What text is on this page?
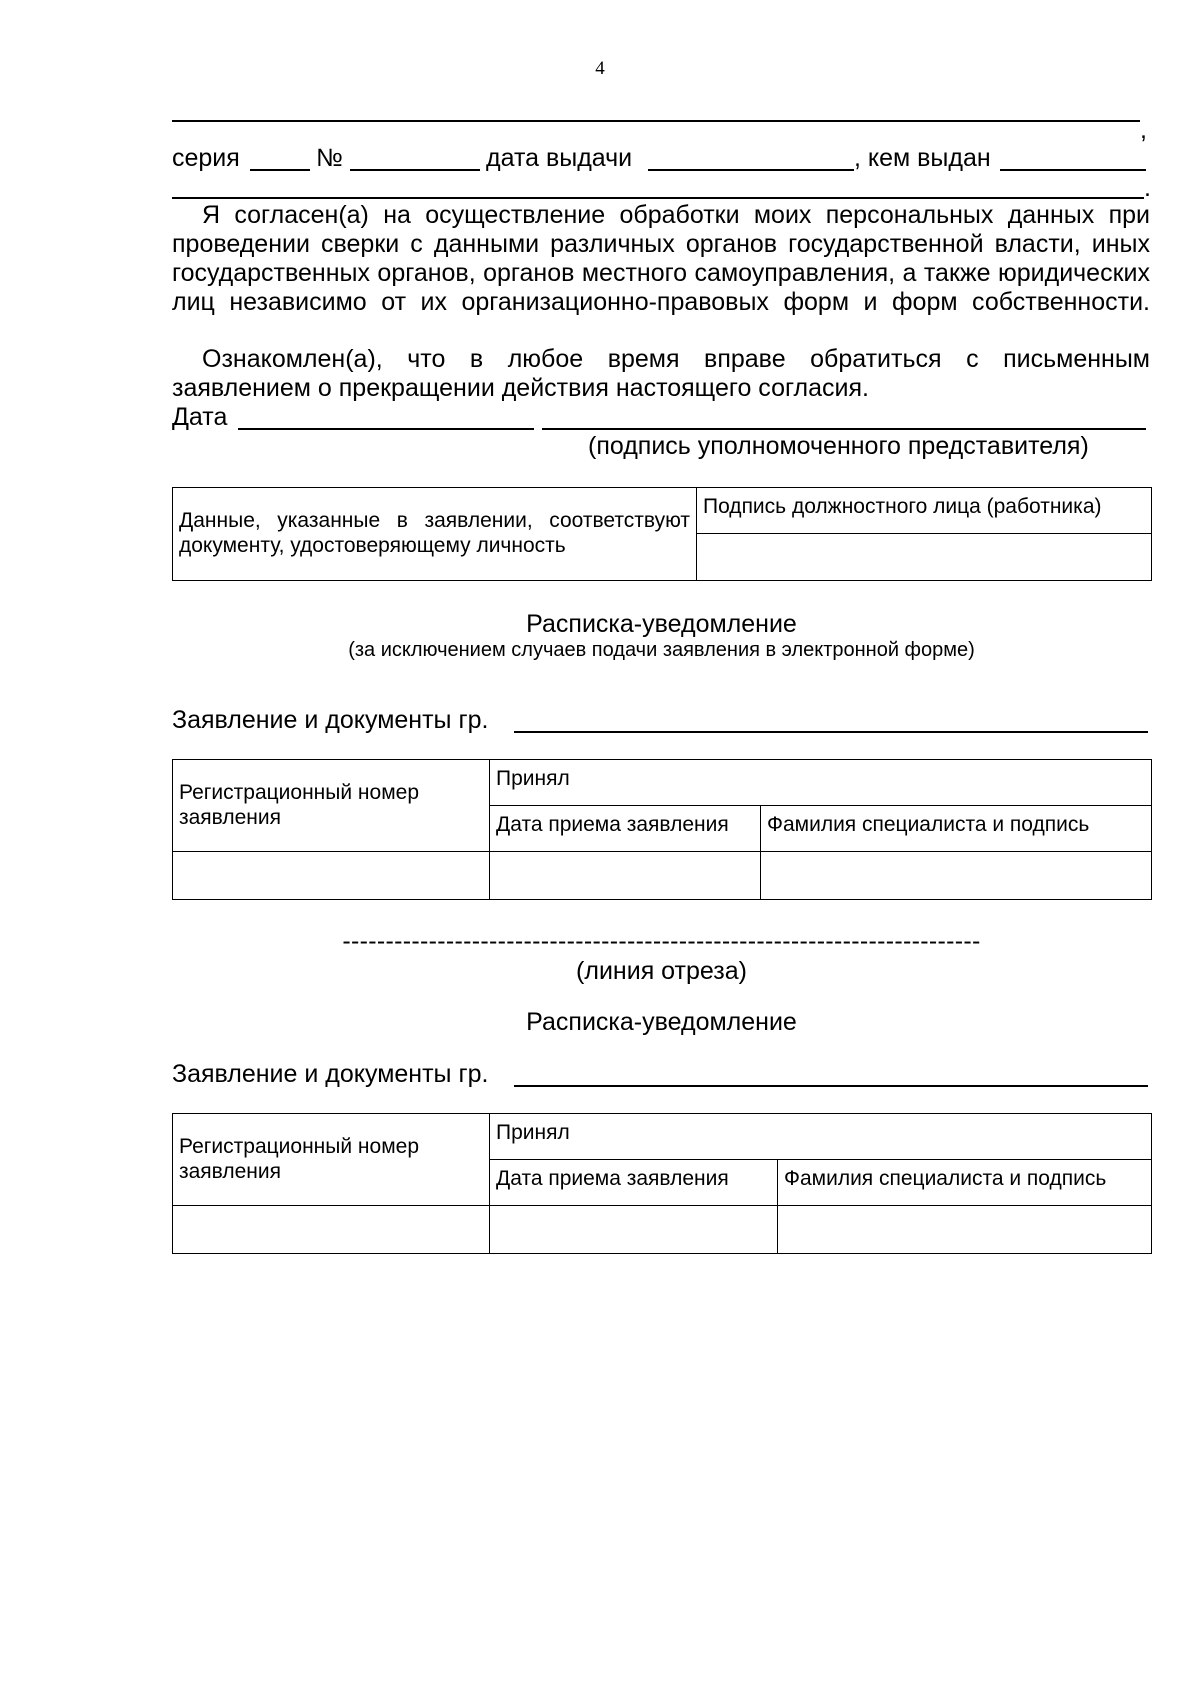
4
,
серия	№	дата выдачи	, кем выдан
.
Я согласен(а) на осуществление обработки моих персональных данных при проведении сверки с данными различных органов государственной власти, иных государственных органов, органов местного самоуправления, а также юридических лиц независимо от их организационно-правовых форм и форм собственности.
Ознакомлен(а), что в любое время вправе обратиться с письменным заявлением о прекращении действия настоящего согласия.
Дата
(подпись уполномоченного представителя)
Данные, указанные в заявлении, соответствуют документу, удостоверяющему личность	Подпись должностного лица (работника)

Расписка-уведомление
(за исключением случаев подачи заявления в электронной форме)
Заявление и документы гр.
Регистрационный номер заявления	Принял	
	Дата приема заявления	Фамилия специалиста и подпись

--------------------------------------------------------------------------
(линия отреза)
Расписка-уведомление
Заявление и документы гр.
Регистрационный номер заявления	Принял	
	Дата приема заявления	Фамилия специалиста и подпись
